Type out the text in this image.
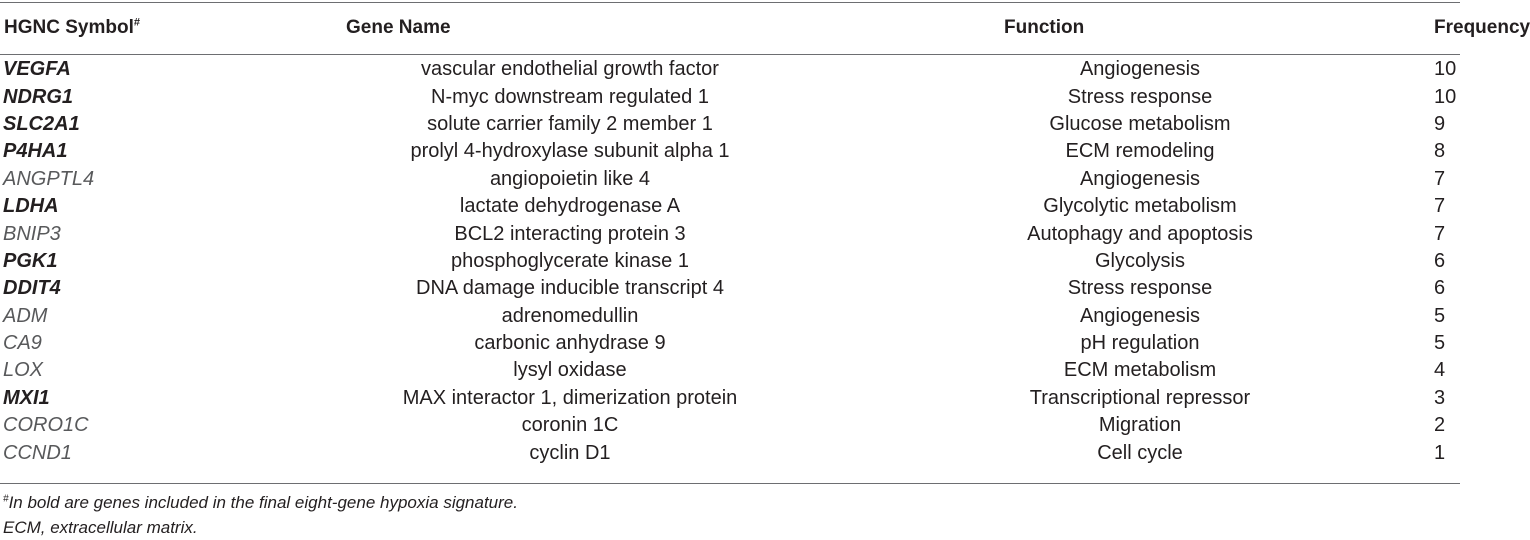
HGNC Symbol#	Gene Name	Function	Frequency

VEGFA	vascular endothelial growth factor	Angiogenesis	10
NDRG1	N-myc downstream regulated 1	Stress response	10
SLC2A1	solute carrier family 2 member 1	Glucose metabolism	9
P4HA1	prolyl 4-hydroxylase subunit alpha 1	ECM remodeling	8
ANGPTL4	angiopoietin like 4	Angiogenesis	7
LDHA	lactate dehydrogenase A	Glycolytic metabolism	7
BNIP3	BCL2 interacting protein 3	Autophagy and apoptosis	7
PGK1	phosphoglycerate kinase 1	Glycolysis	6
DDIT4	DNA damage inducible transcript 4	Stress response	6
ADM	adrenomedullin	Angiogenesis	5
CA9	carbonic anhydrase 9	pH regulation	5
LOX	lysyl oxidase	ECM metabolism	4
MXI1	MAX interactor 1, dimerization protein	Transcriptional repressor	3
CORO1C	coronin 1C	Migration	2
CCND1	cyclin D1	Cell cycle	1
#In bold are genes included in the final eight-gene hypoxia signature.
ECM, extracellular matrix.
